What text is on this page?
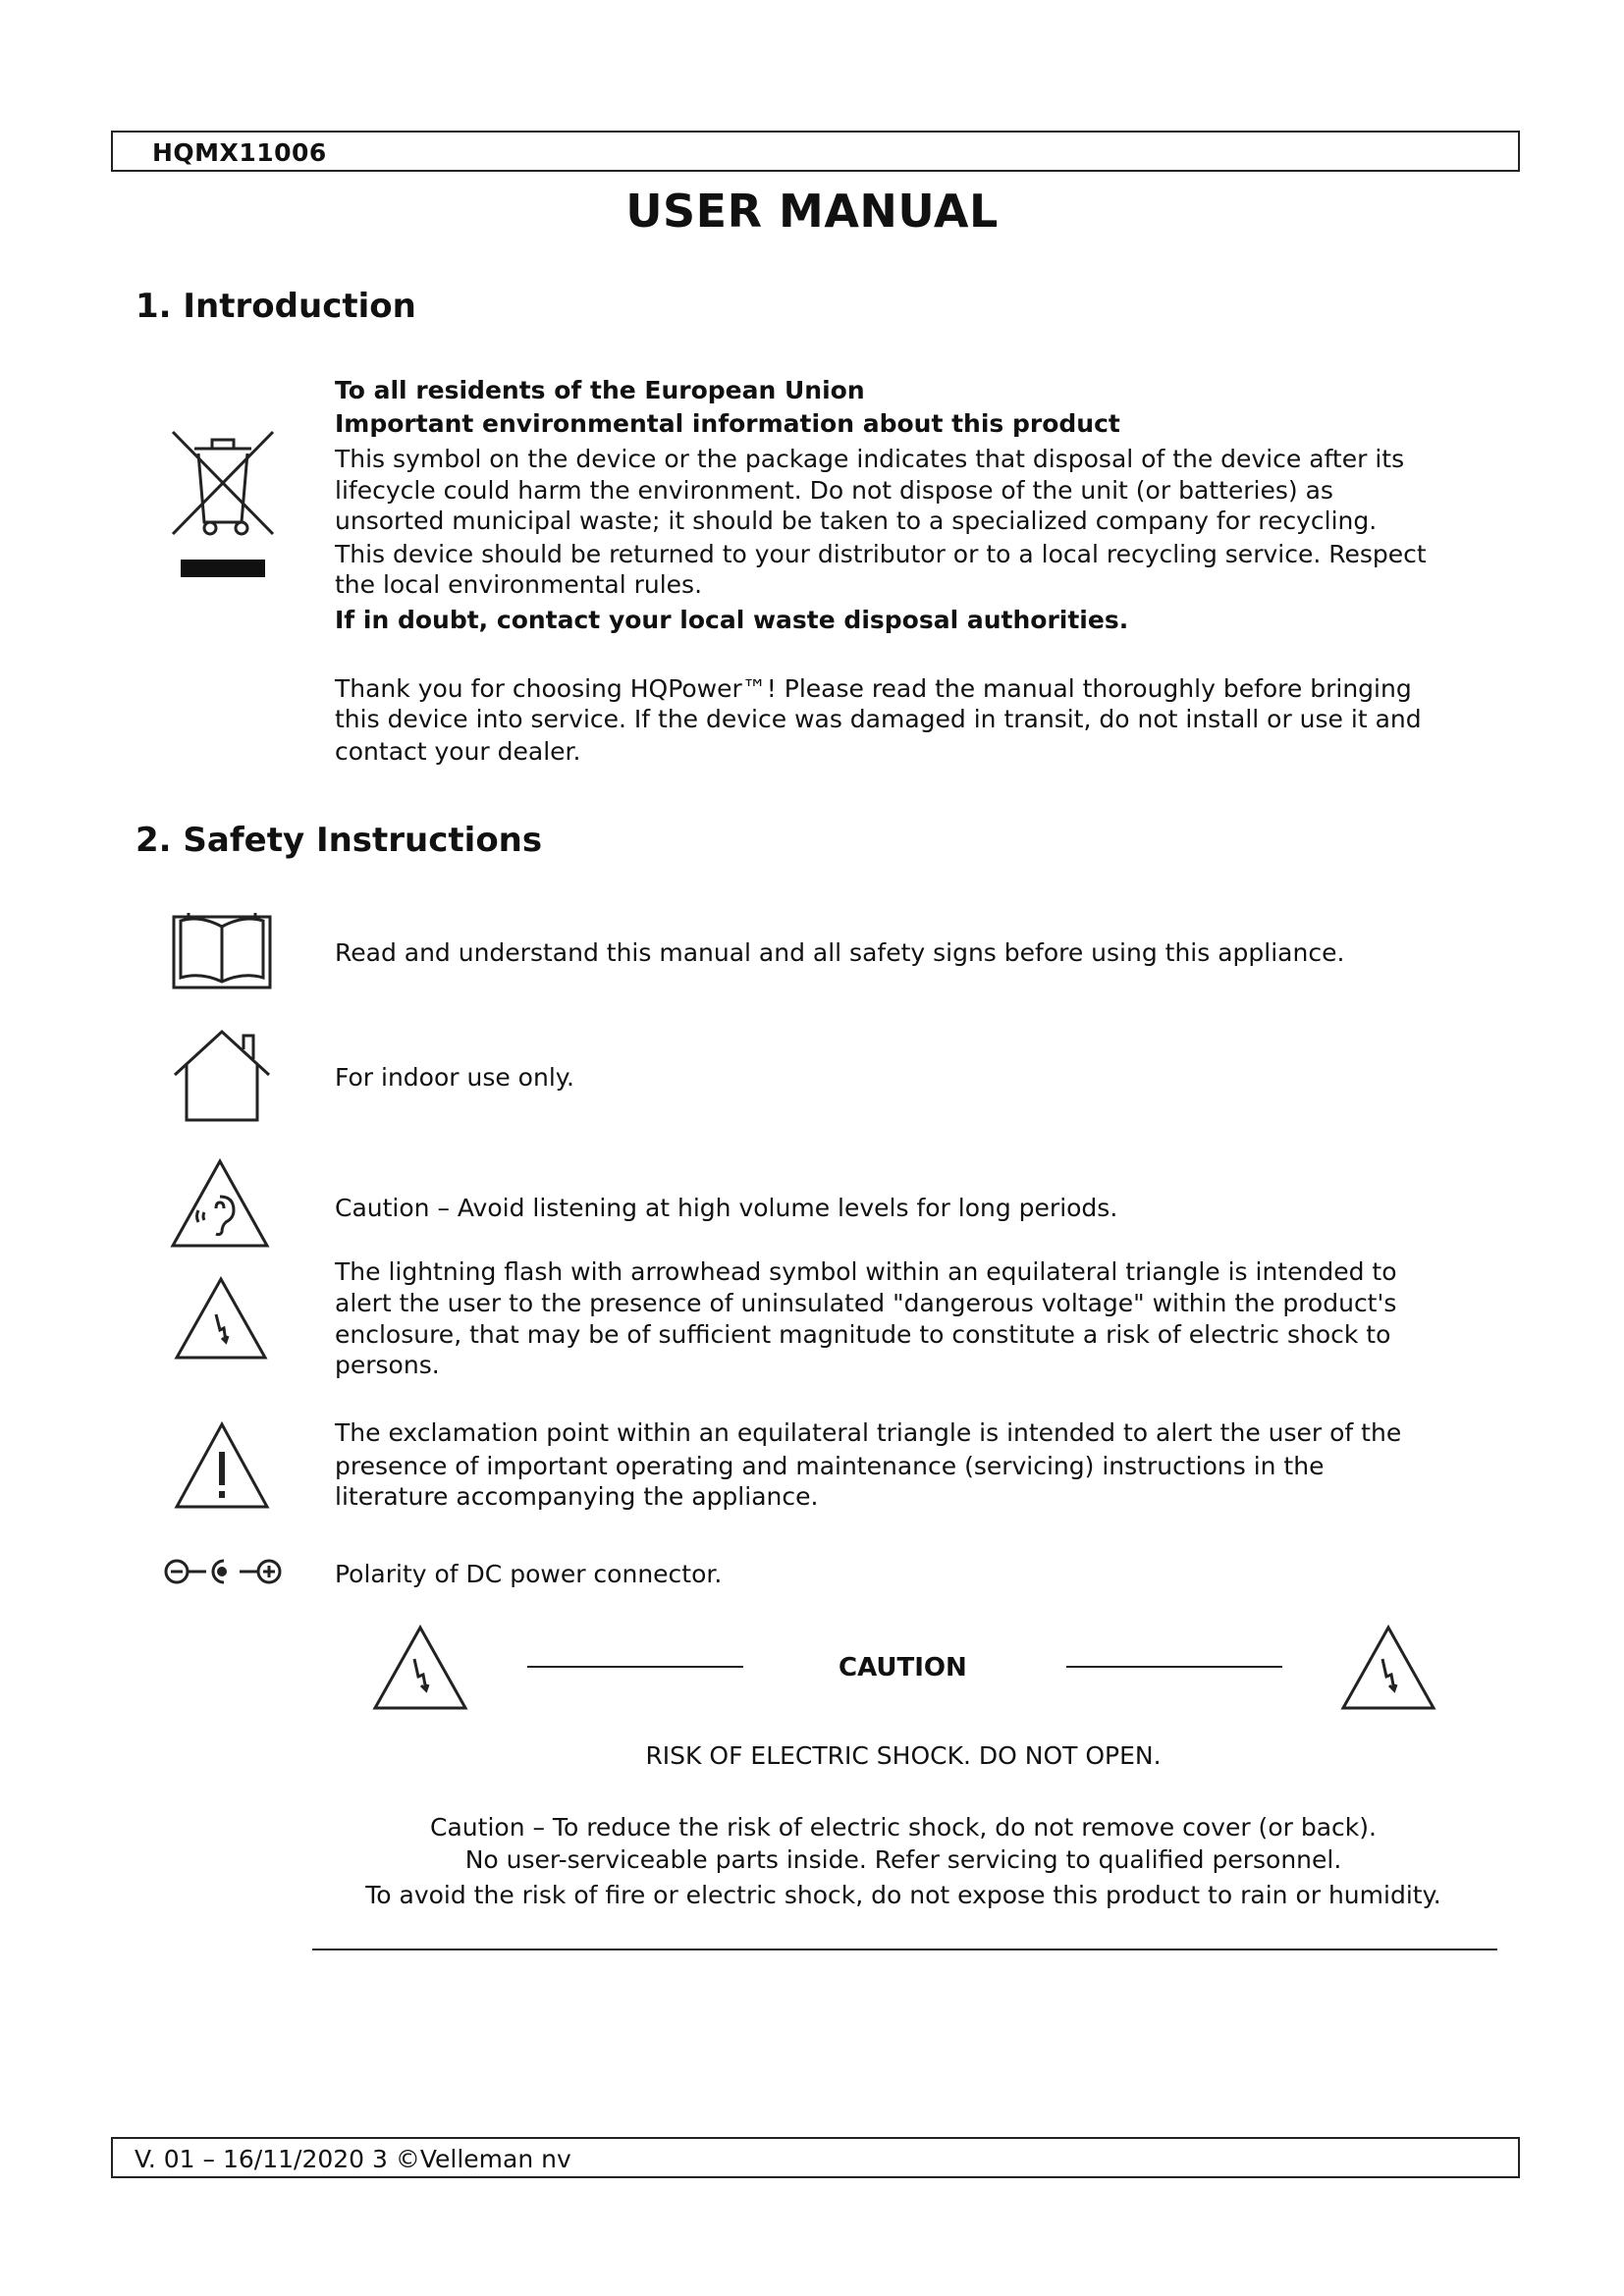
HQMX11006
USER MANUAL
1. Introduction
To all residents of the European Union
Important environmental information about this product
This symbol on the device or the package indicates that disposal of the device after its
lifecycle could harm the environment. Do not dispose of the unit (or batteries) as
unsorted municipal waste; it should be taken to a specialized company for recycling.
This device should be returned to your distributor or to a local recycling service. Respect
the local environmental rules.
If in doubt, contact your local waste disposal authorities.
Thank you for choosing HQPower™! Please read the manual thoroughly before bringing
this device into service. If the device was damaged in transit, do not install or use it and
contact your dealer.
2. Safety Instructions
Read and understand this manual and all safety signs before using this appliance.
For indoor use only.
Caution – Avoid listening at high volume levels for long periods.
The lightning flash with arrowhead symbol within an equilateral triangle is intended to
alert the user to the presence of uninsulated "dangerous voltage" within the product's
enclosure, that may be of sufficient magnitude to constitute a risk of electric shock to
persons.
The exclamation point within an equilateral triangle is intended to alert the user of the
presence of important operating and maintenance (servicing) instructions in the
literature accompanying the appliance.
Polarity of DC power connector.
CAUTION
RISK OF ELECTRIC SHOCK. DO NOT OPEN.
Caution – To reduce the risk of electric shock, do not remove cover (or back).
No user-serviceable parts inside. Refer servicing to qualified personnel.
To avoid the risk of fire or electric shock, do not expose this product to rain or humidity.
V. 01 – 16/11/2020 3 ©Velleman nv
